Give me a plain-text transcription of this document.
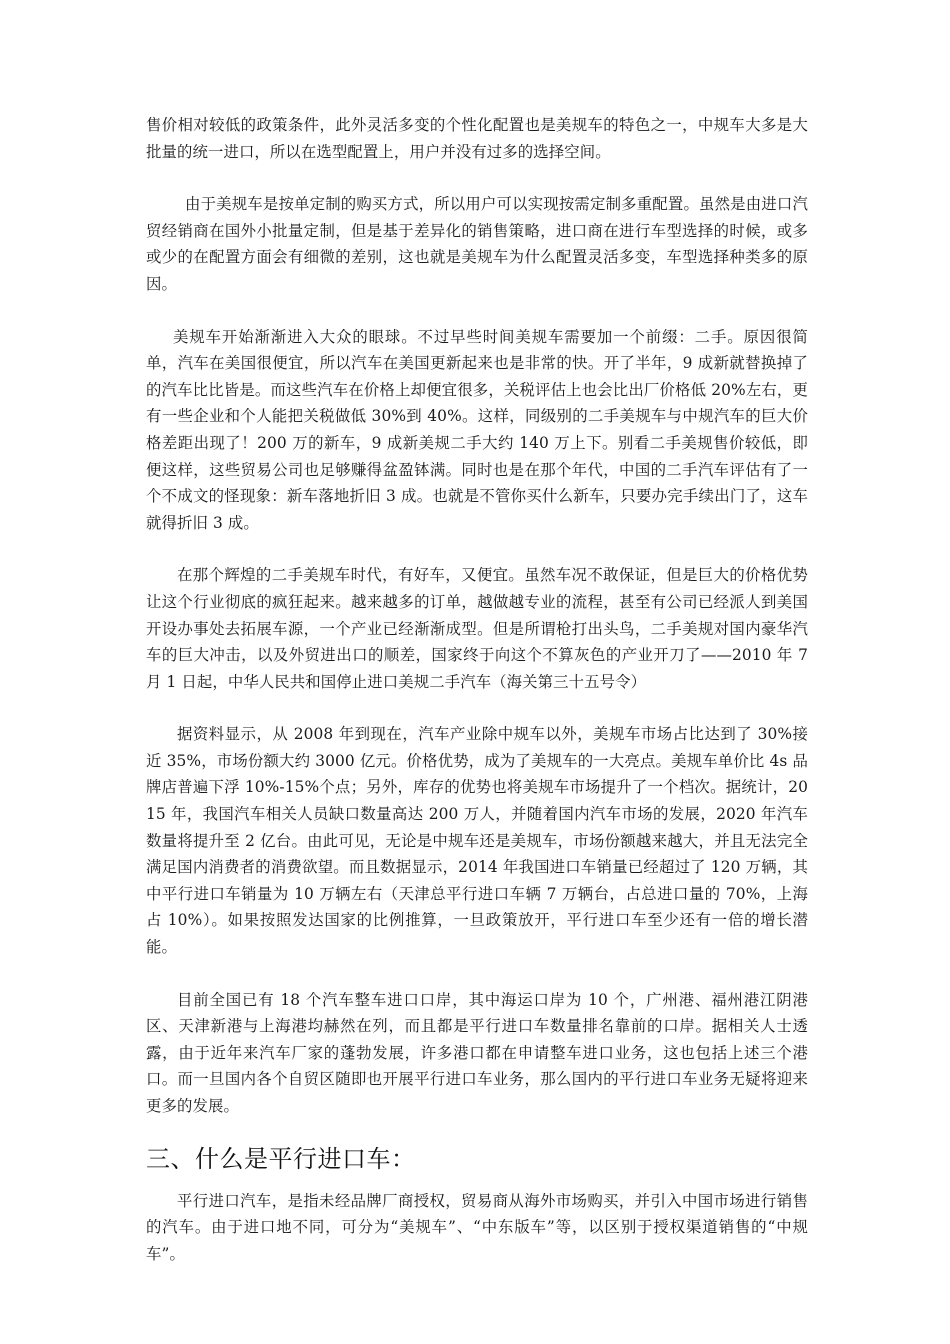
售价相对较低的政策条件，此外灵活多变的个性化配置也是美规车的特色之一，中规车大多是大批量的统一进口，所以在选型配置上，用户并没有过多的选择空间。

由于美规车是按单定制的购买方式，所以用户可以实现按需定制多重配置。虽然是由进口汽贸经销商在国外小批量定制，但是基于差异化的销售策略，进口商在进行车型选择的时候，或多或少的在配置方面会有细微的差别，这也就是美规车为什么配置灵活多变，车型选择种类多的原因。

美规车开始渐渐进入大众的眼球。不过早些时间美规车需要加一个前缀：二手。原因很简单，汽车在美国很便宜，所以汽车在美国更新起来也是非常的快。开了半年，9 成新就替换掉了的汽车比比皆是。而这些汽车在价格上却便宜很多，关税评估上也会比出厂价格低 20%左右，更有一些企业和个人能把关税做低 30%到 40%。这样，同级别的二手美规车与中规汽车的巨大价格差距出现了！200 万的新车，9 成新美规二手大约 140 万上下。别看二手美规售价较低，即便这样，这些贸易公司也足够赚得盆盈钵满。同时也是在那个年代，中国的二手汽车评估有了一个不成文的怪现象：新车落地折旧 3 成。也就是不管你买什么新车，只要办完手续出门了，这车就得折旧 3 成。

在那个辉煌的二手美规车时代，有好车，又便宜。虽然车况不敢保证，但是巨大的价格优势让这个行业彻底的疯狂起来。越来越多的订单，越做越专业的流程，甚至有公司已经派人到美国开设办事处去拓展车源，一个产业已经渐渐成型。但是所谓枪打出头鸟，二手美规对国内豪华汽车的巨大冲击，以及外贸进出口的顺差，国家终于向这个不算灰色的产业开刀了——2010 年 7 月 1 日起，中华人民共和国停止进口美规二手汽车（海关第三十五号令）

据资料显示，从 2008 年到现在，汽车产业除中规车以外，美规车市场占比达到了 30%接近 35%，市场份额大约 3000 亿元。价格优势，成为了美规车的一大亮点。美规车单价比 4s 品牌店普遍下浮 10%-15%个点；另外，库存的优势也将美规车市场提升了一个档次。据统计，2015 年，我国汽车相关人员缺口数量高达 200 万人，并随着国内汽车市场的发展，2020 年汽车数量将提升至 2 亿台。由此可见，无论是中规车还是美规车，市场份额越来越大，并且无法完全满足国内消费者的消费欲望。而且数据显示，2014 年我国进口车销量已经超过了 120 万辆，其中平行进口车销量为 10 万辆左右（天津总平行进口车辆 7 万辆台，占总进口量的 70%，上海占 10%）。如果按照发达国家的比例推算，一旦政策放开，平行进口车至少还有一倍的增长潜能。

目前全国已有 18 个汽车整车进口口岸，其中海运口岸为 10 个，广州港、福州港江阴港区、天津新港与上海港均赫然在列，而且都是平行进口车数量排名靠前的口岸。据相关人士透露，由于近年来汽车厂家的蓬勃发展，许多港口都在申请整车进口业务，这也包括上述三个港口。而一旦国内各个自贸区随即也开展平行进口车业务，那么国内的平行进口车业务无疑将迎来更多的发展。

三、什么是平行进口车：

平行进口汽车，是指未经品牌厂商授权，贸易商从海外市场购买，并引入中国市场进行销售的汽车。由于进口地不同，可分为“美规车”、“中东版车”等，以区别于授权渠道销售的“中规车”。
